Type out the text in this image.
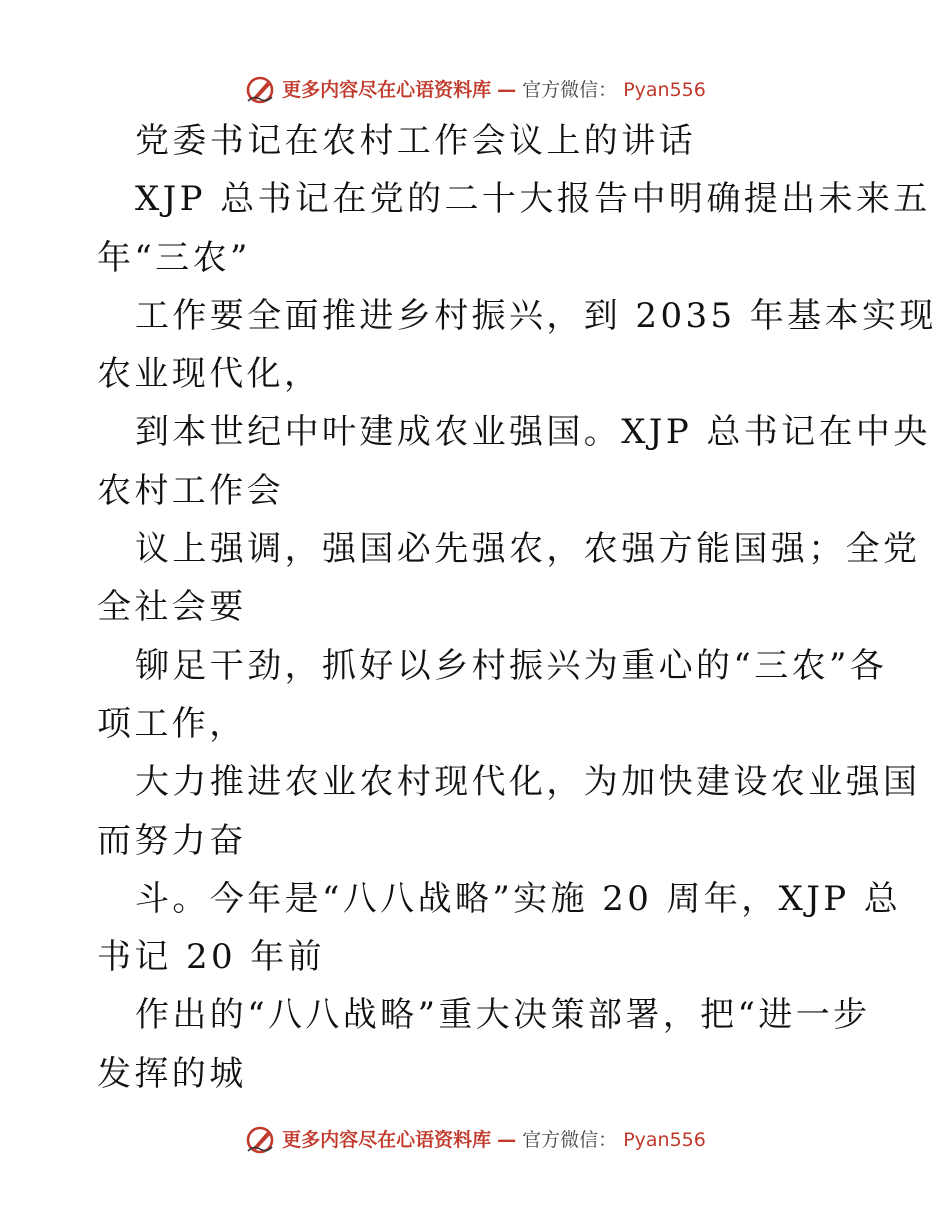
更多内容尽在心语资料库 — 官方微信： Pyan556
党委书记在农村工作会议上的讲话
XJP 总书记在党的二十大报告中明确提出未来五
年“三农”
工作要全面推进乡村振兴，到 2035 年基本实现
农业现代化，
到本世纪中叶建成农业强国。XJP 总书记在中央
农村工作会
议上强调，强国必先强农，农强方能国强；全党
全社会要
铆足干劲，抓好以乡村振兴为重心的“三农”各
项工作，
大力推进农业农村现代化，为加快建设农业强国
而努力奋
斗。今年是“八八战略”实施 20 周年，XJP 总
书记 20 年前
作出的“八八战略”重大决策部署，把“进一步
发挥的城
更多内容尽在心语资料库 — 官方微信： Pyan556
